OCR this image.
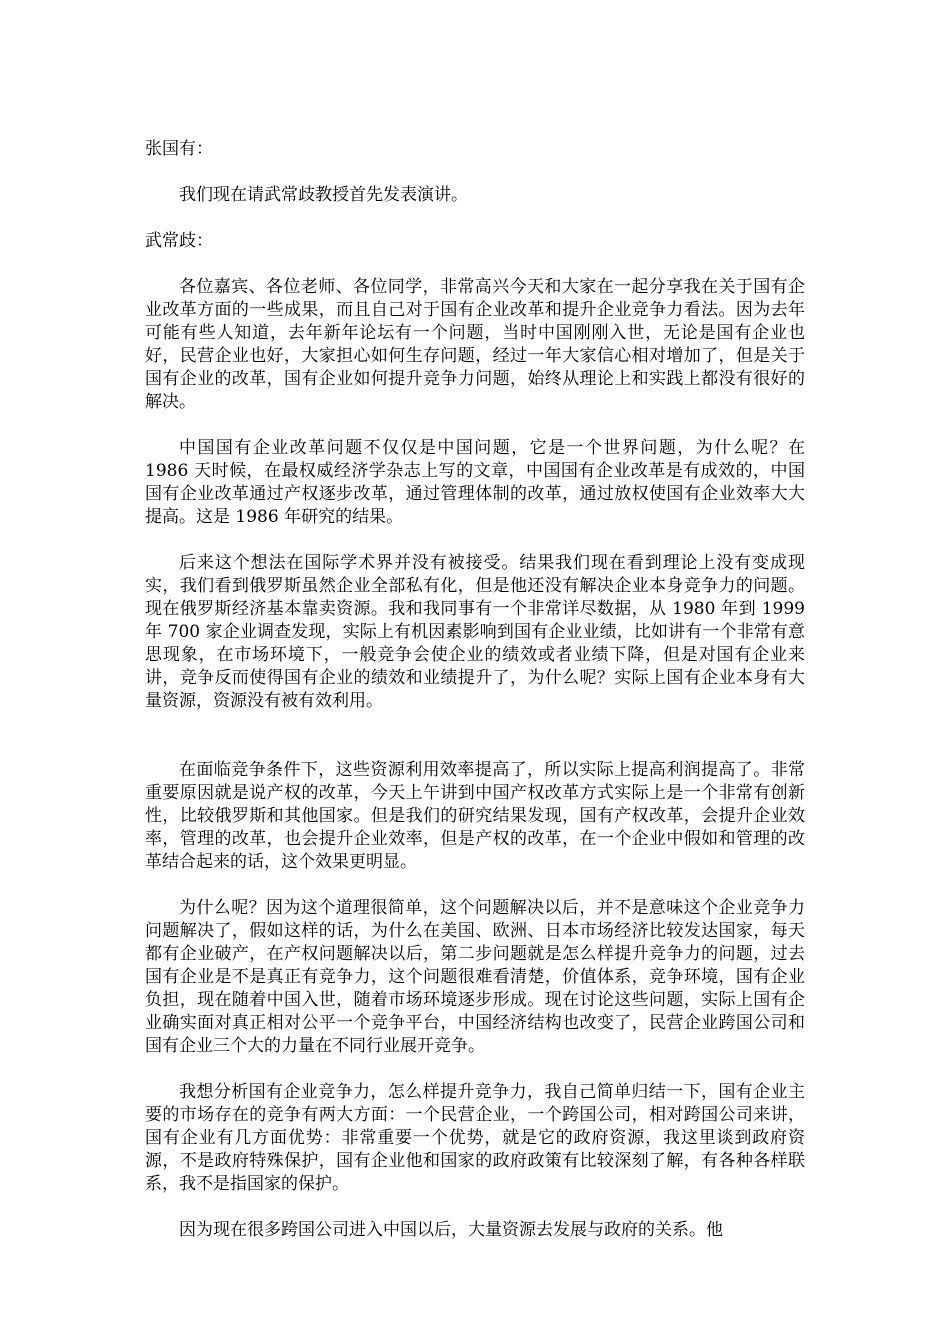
张国有：

我们现在请武常歧教授首先发表演讲。

武常歧：

各位嘉宾、各位老师、各位同学，非常高兴今天和大家在一起分享我在关于国有企业改革方面的一些成果，而且自己对于国有企业改革和提升企业竞争力看法。因为去年可能有些人知道，去年新年论坛有一个问题，当时中国刚刚入世，无论是国有企业也好，民营企业也好，大家担心如何生存问题，经过一年大家信心相对增加了，但是关于国有企业的改革，国有企业如何提升竞争力问题，始终从理论上和实践上都没有很好的解决。

中国国有企业改革问题不仅仅是中国问题，它是一个世界问题，为什么呢？在 1986 天时候，在最权威经济学杂志上写的文章，中国国有企业改革是有成效的，中国国有企业改革通过产权逐步改革，通过管理体制的改革，通过放权使国有企业效率大大提高。这是 1986 年研究的结果。

后来这个想法在国际学术界并没有被接受。结果我们现在看到理论上没有变成现实，我们看到俄罗斯虽然企业全部私有化，但是他还没有解决企业本身竞争力的问题。现在俄罗斯经济基本靠卖资源。我和我同事有一个非常详尽数据，从 1980 年到 1999 年 700 家企业调查发现，实际上有机因素影响到国有企业业绩，比如讲有一个非常有意思现象，在市场环境下，一般竞争会使企业的绩效或者业绩下降，但是对国有企业来讲，竞争反而使得国有企业的绩效和业绩提升了，为什么呢？实际上国有企业本身有大量资源，资源没有被有效利用。

在面临竞争条件下，这些资源利用效率提高了，所以实际上提高利润提高了。非常重要原因就是说产权的改革，今天上午讲到中国产权改革方式实际上是一个非常有创新性，比较俄罗斯和其他国家。但是我们的研究结果发现，国有产权改革，会提升企业效率，管理的改革，也会提升企业效率，但是产权的改革，在一个企业中假如和管理的改革结合起来的话，这个效果更明显。

为什么呢？因为这个道理很简单，这个问题解决以后，并不是意味这个企业竞争力问题解决了，假如这样的话，为什么在美国、欧洲、日本市场经济比较发达国家，每天都有企业破产，在产权问题解决以后，第二步问题就是怎么样提升竞争力的问题，过去国有企业是不是真正有竞争力，这个问题很难看清楚，价值体系，竞争环境，国有企业负担，现在随着中国入世，随着市场环境逐步形成。现在讨论这些问题，实际上国有企业确实面对真正相对公平一个竞争平台，中国经济结构也改变了，民营企业跨国公司和国有企业三个大的力量在不同行业展开竞争。

我想分析国有企业竞争力，怎么样提升竞争力，我自己简单归结一下，国有企业主要的市场存在的竞争有两大方面：一个民营企业，一个跨国公司，相对跨国公司来讲，国有企业有几方面优势：非常重要一个优势，就是它的政府资源，我这里谈到政府资源，不是政府特殊保护，国有企业他和国家的政府政策有比较深刻了解，有各种各样联系，我不是指国家的保护。

因为现在很多跨国公司进入中国以后，大量资源去发展与政府的关系。他
